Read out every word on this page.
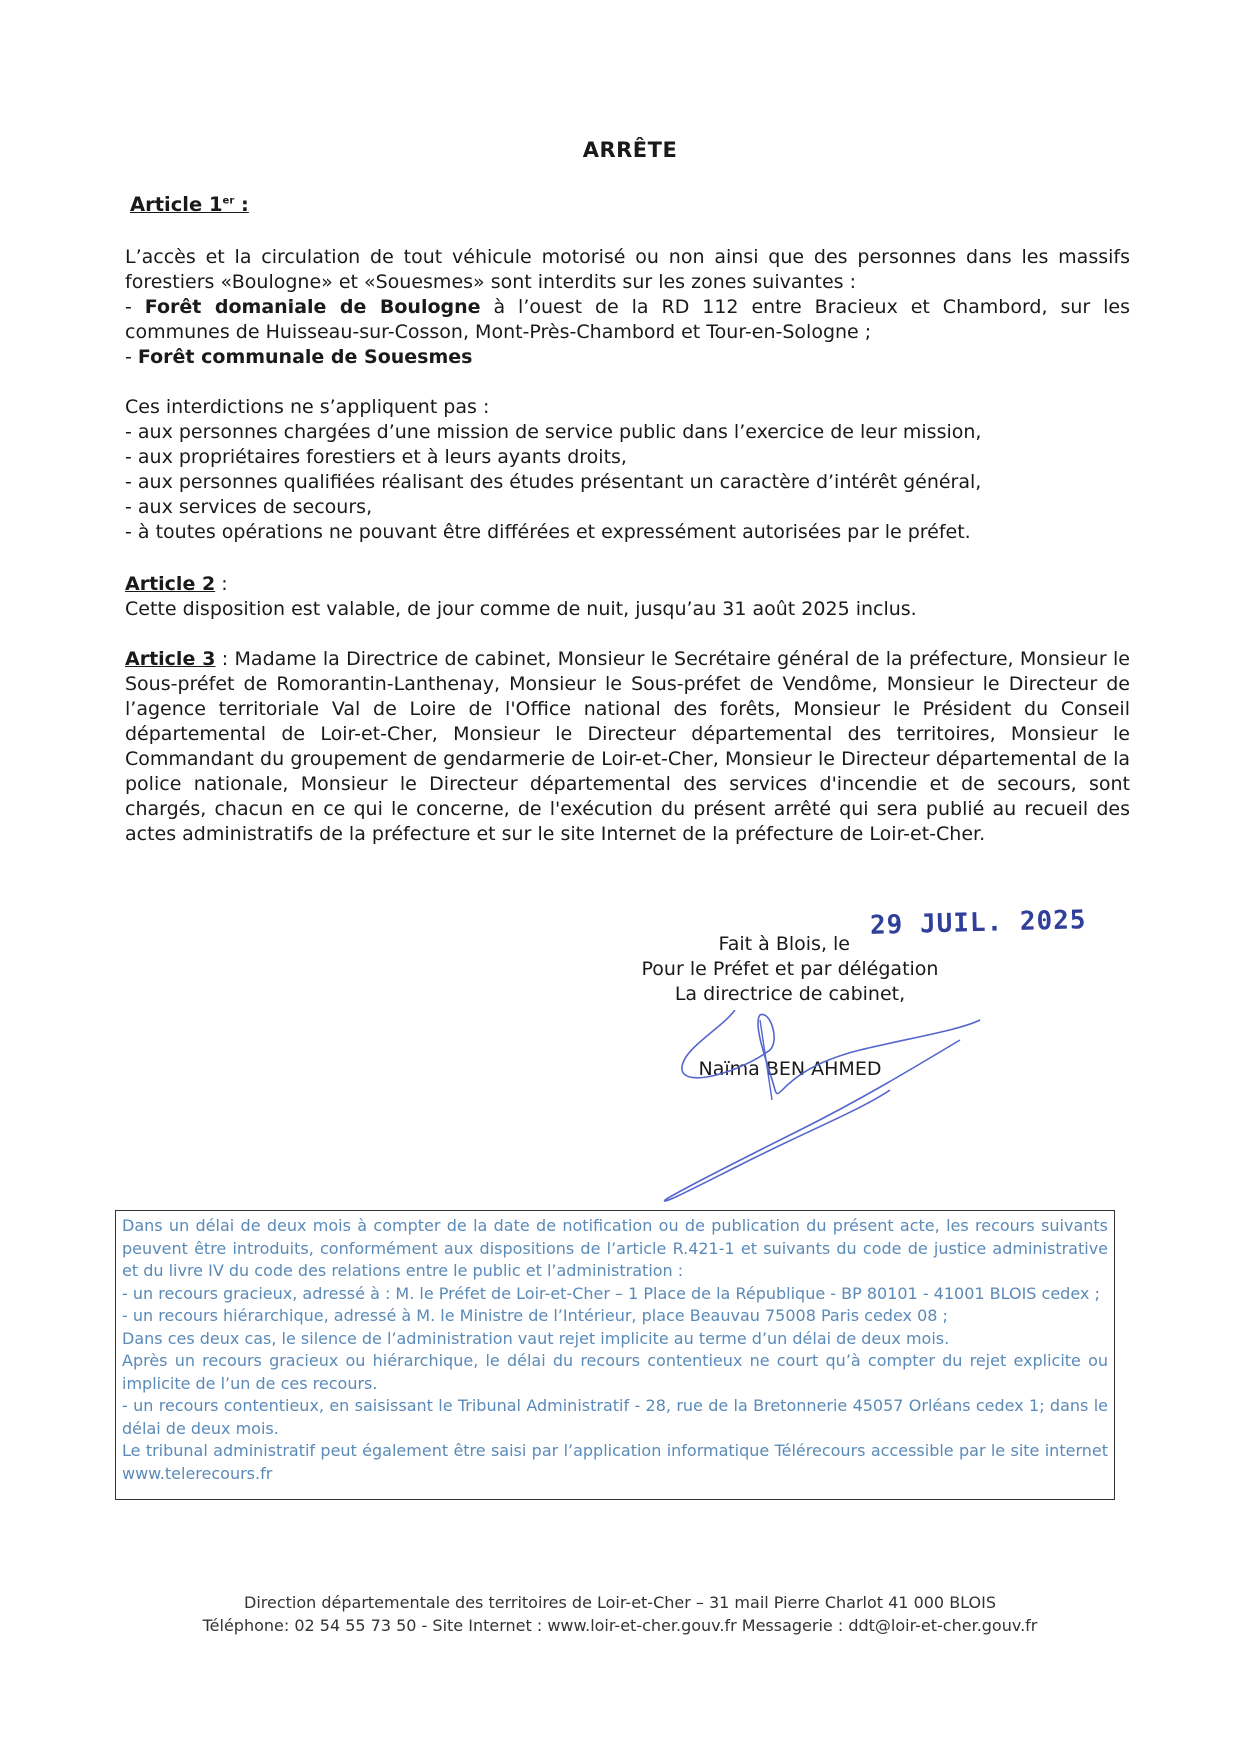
ARRÊTE
Article 1er :

L’accès et la circulation de tout véhicule motorisé ou non ainsi que des personnes dans les massifs forestiers «Boulogne» et «Souesmes» sont interdits sur les zones suivantes :

- Forêt domaniale de Boulogne à l’ouest de la RD 112 entre Bracieux et Chambord, sur les communes de Huisseau-sur-Cosson, Mont-Près-Chambord et Tour-en-Sologne ;

- Forêt communale de Souesmes

Ces interdictions ne s’appliquent pas :

- aux personnes chargées d’une mission de service public dans l’exercice de leur mission,

- aux propriétaires forestiers et à leurs ayants droits,

- aux personnes qualifiées réalisant des études présentant un caractère d’intérêt général,

- aux services de secours,

- à toutes opérations ne pouvant être différées et expressément autorisées par le préfet.

Article 2 :

Cette disposition est valable, de jour comme de nuit, jusqu’au 31 août 2025 inclus.

Article 3 : Madame la Directrice de cabinet, Monsieur le Secrétaire général de la préfecture, Monsieur le Sous-préfet de Romorantin-Lanthenay, Monsieur le Sous-préfet de Vendôme, Monsieur le Directeur de l’agence territoriale Val de Loire de l'Office national des forêts, Monsieur le Président du Conseil départemental de Loir-et-Cher, Monsieur le Directeur départemental des territoires, Monsieur le Commandant du groupement de gendarmerie de Loir-et-Cher, Monsieur le Directeur départemental de la police nationale, Monsieur le Directeur départemental des services d'incendie et de secours, sont chargés, chacun en ce qui le concerne, de l'exécution du présent arrêté qui sera publié au recueil des actes administratifs de la préfecture et sur le site Internet de la préfecture de Loir-et-Cher.

Fait à Blois, le
29 JUIL. 2025
Pour le Préfet et par délégation
La directrice de cabinet,
Naïma BEN AHMED
Dans un délai de deux mois à compter de la date de notification ou de publication du présent acte, les recours suivants peuvent être introduits, conformément aux dispositions de l’article R.421-1 et suivants du code de justice administrative et du livre IV du code des relations entre le public et l’administration :
- un recours gracieux, adressé à : M. le Préfet de Loir-et-Cher – 1 Place de la République - BP 80101 - 41001 BLOIS cedex ;
- un recours hiérarchique, adressé à M. le Ministre de l’Intérieur, place Beauvau 75008 Paris cedex 08 ;
Dans ces deux cas, le silence de l’administration vaut rejet implicite au terme d’un délai de deux mois.
Après un recours gracieux ou hiérarchique, le délai du recours contentieux ne court qu’à compter du rejet explicite ou implicite de l’un de ces recours.
- un recours contentieux, en saisissant le Tribunal Administratif - 28, rue de la Bretonnerie 45057 Orléans cedex 1; dans le délai de deux mois.
Le tribunal administratif peut également être saisi par l’application informatique Télérecours accessible par le site internet www.telerecours.fr
Direction départementale des territoires de Loir-et-Cher – 31 mail Pierre Charlot 41 000 BLOIS
Téléphone: 02 54 55 73 50 - Site Internet : www.loir-et-cher.gouv.fr Messagerie : ddt@loir-et-cher.gouv.fr
